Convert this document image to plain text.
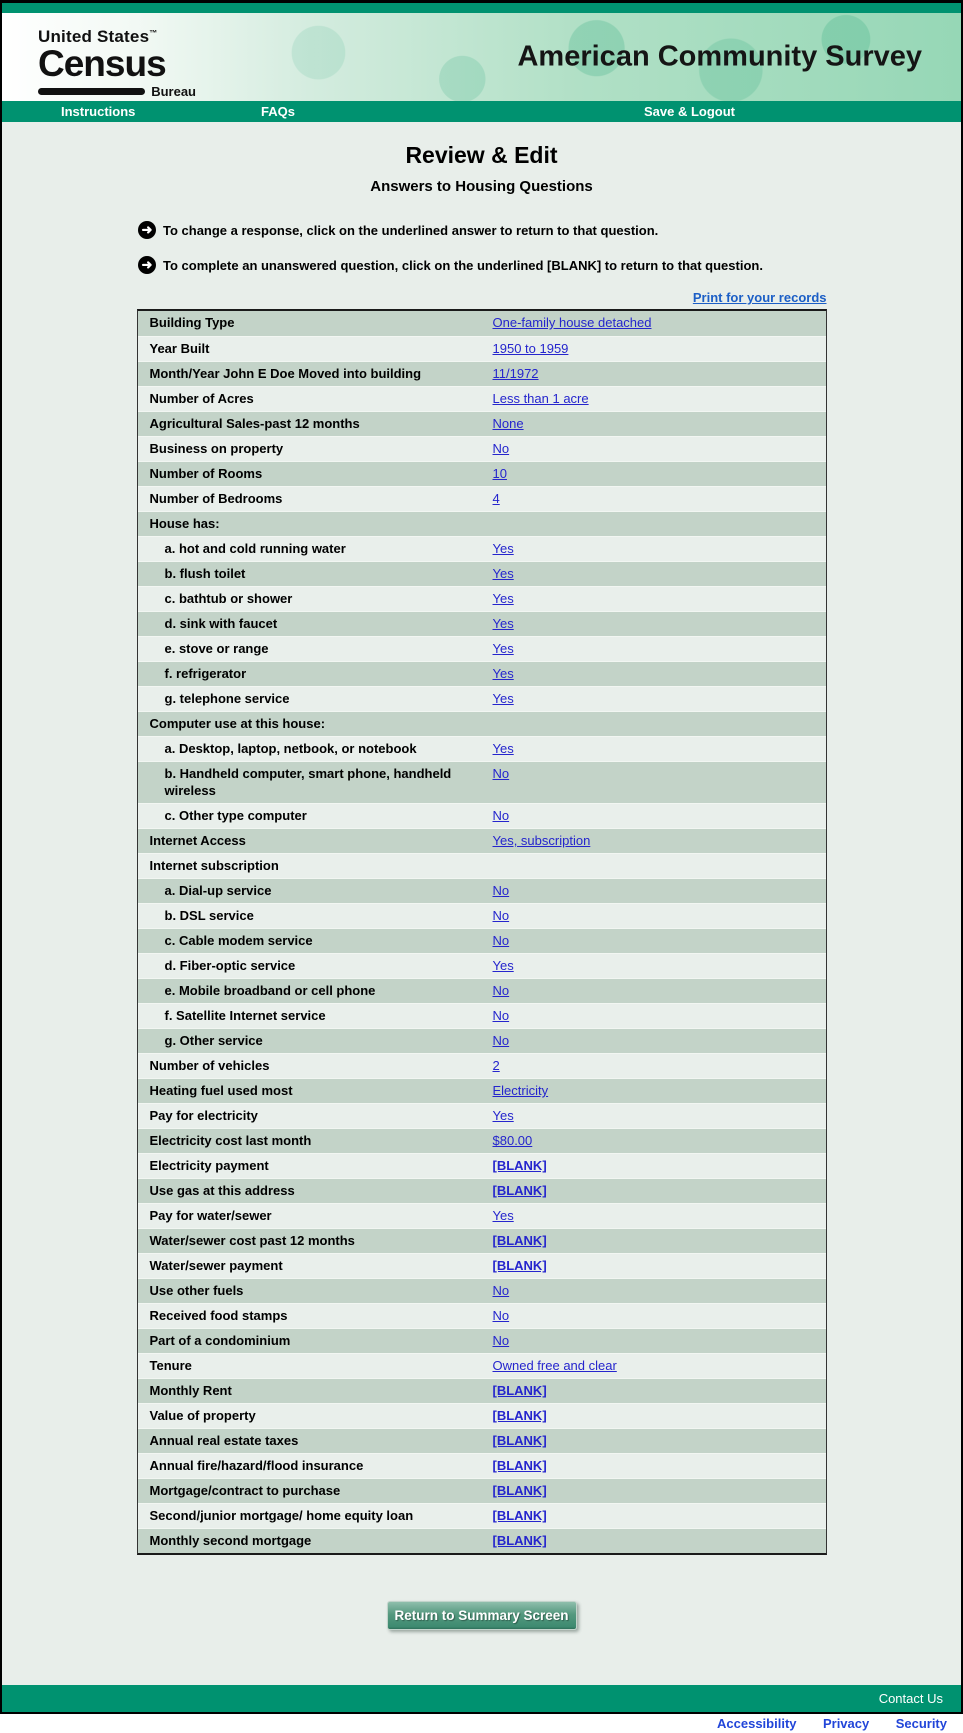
United States™
Census
Bureau
American Community Survey
Instructions	FAQs	Save & Logout
Review & Edit
Answers to Housing Questions
➜ To change a response, click on the underlined answer to return to that question.
➜ To complete an unanswered question, click on the underlined [BLANK] to return to that question.
Print for your records
Building Type	One-family house detached
Year Built	1950 to 1959
Month/Year John E Doe Moved into building	11/1972
Number of Acres	Less than 1 acre
Agricultural Sales-past 12 months	None
Business on property	No
Number of Rooms	10
Number of Bedrooms	4
House has:
a. hot and cold running water	Yes
b. flush toilet	Yes
c. bathtub or shower	Yes
d. sink with faucet	Yes
e. stove or range	Yes
f. refrigerator	Yes
g. telephone service	Yes
Computer use at this house:
a. Desktop, laptop, netbook, or notebook	Yes
b. Handheld computer, smart phone, handheld wireless
No
c. Other type computer	No
Internet Access	Yes, subscription
Internet subscription
a. Dial-up service	No
b. DSL service	No
c. Cable modem service	No
d. Fiber-optic service	Yes
e. Mobile broadband or cell phone	No
f. Satellite Internet service	No
g. Other service	No
Number of vehicles	2
Heating fuel used most	Electricity
Pay for electricity	Yes
Electricity cost last month	$80.00
Electricity payment	[BLANK]
Use gas at this address	[BLANK]
Pay for water/sewer	Yes
Water/sewer cost past 12 months	[BLANK]
Water/sewer payment	[BLANK]
Use other fuels	No
Received food stamps	No
Part of a condominium	No
Tenure	Owned free and clear
Monthly Rent	[BLANK]
Value of property	[BLANK]
Annual real estate taxes	[BLANK]
Annual fire/hazard/flood insurance	[BLANK]
Mortgage/contract to purchase	[BLANK]
Second/junior mortgage/ home equity loan	[BLANK]
Monthly second mortgage	[BLANK]
Return to Summary Screen
Contact Us
Accessibility Privacy Security
